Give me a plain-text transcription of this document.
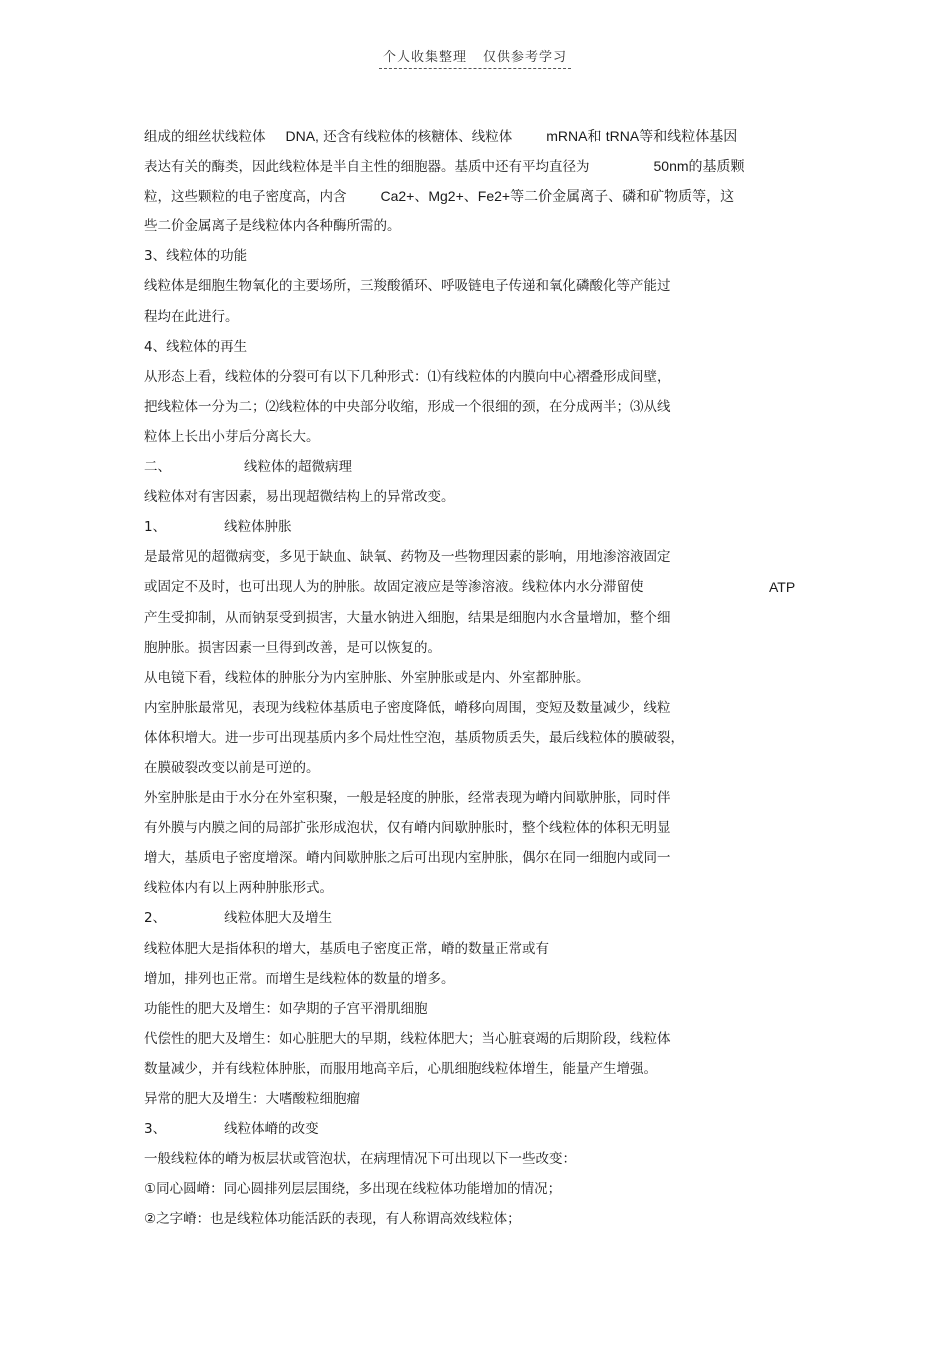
个人收集整理 仅供参考学习
组成的细丝状线粒体 DNA, 还含有线粒体的核糖体、线粒体 mRNA和 tRNA等和线粒体基因
表达有关的酶类，因此线粒体是半自主性的细胞器。基质中还有平均直径为	50nm的基质颗
粒，这些颗粒的电子密度高，内含 Ca2+、Mg2+、Fe2+等二价金属离子、磷和矿物质等，这
些二价金属离子是线粒体内各种酶所需的。
3、线粒体的功能
线粒体是细胞生物氧化的主要场所，三羧酸循环、呼吸链电子传递和氧化磷酸化等产能过
程均在此进行。
4、线粒体的再生
从形态上看，线粒体的分裂可有以下几种形式：⑴有线粒体的内膜向中心褶叠形成间壁，
把线粒体一分为二；⑵线粒体的中央部分收缩，形成一个很细的颈，在分成两半；⑶从线
粒体上长出小芽后分离长大。
二、	线粒体的超微病理
线粒体对有害因素，易出现超微结构上的异常改变。
1、	线粒体肿胀
是最常见的超微病变，多见于缺血、缺氧、药物及一些物理因素的影响，用地渗溶液固定
或固定不及时，也可出现人为的肿胀。故固定液应是等渗溶液。线粒体内水分滞留使	ATP
产生受抑制，从而钠泵受到损害，大量水钠进入细胞，结果是细胞内水含量增加，整个细
胞肿胀。损害因素一旦得到改善，是可以恢复的。
从电镜下看，线粒体的肿胀分为内室肿胀、外室肿胀或是内、外室都肿胀。
内室肿胀最常见，表现为线粒体基质电子密度降低，嵴移向周围，变短及数量减少，线粒
体体积增大。进一步可出现基质内多个局灶性空泡，基质物质丢失，最后线粒体的膜破裂，
在膜破裂改变以前是可逆的。
外室肿胀是由于水分在外室积聚，一般是轻度的肿胀，经常表现为嵴内间歇肿胀，同时伴
有外膜与内膜之间的局部扩张形成泡状，仅有嵴内间歇肿胀时，整个线粒体的体积无明显
增大，基质电子密度增深。嵴内间歇肿胀之后可出现内室肿胀，偶尔在同一细胞内或同一
线粒体内有以上两种肿胀形式。
2、	线粒体肥大及增生
线粒体肥大是指体积的增大，基质电子密度正常，嵴的数量正常或有
增加，排列也正常。而增生是线粒体的数量的增多。
功能性的肥大及增生：如孕期的子宫平滑肌细胞
代偿性的肥大及增生：如心脏肥大的早期，线粒体肥大；当心脏衰竭的后期阶段，线粒体
数量减少，并有线粒体肿胀，而服用地高辛后，心肌细胞线粒体增生，能量产生增强。
异常的肥大及增生：大嗜酸粒细胞瘤
3、	线粒体嵴的改变
一般线粒体的嵴为板层状或管泡状，在病理情况下可出现以下一些改变：
①同心圆嵴：同心圆排列层层围绕，多出现在线粒体功能增加的情况；
②之字嵴：也是线粒体功能活跃的表现，有人称谓高效线粒体；
